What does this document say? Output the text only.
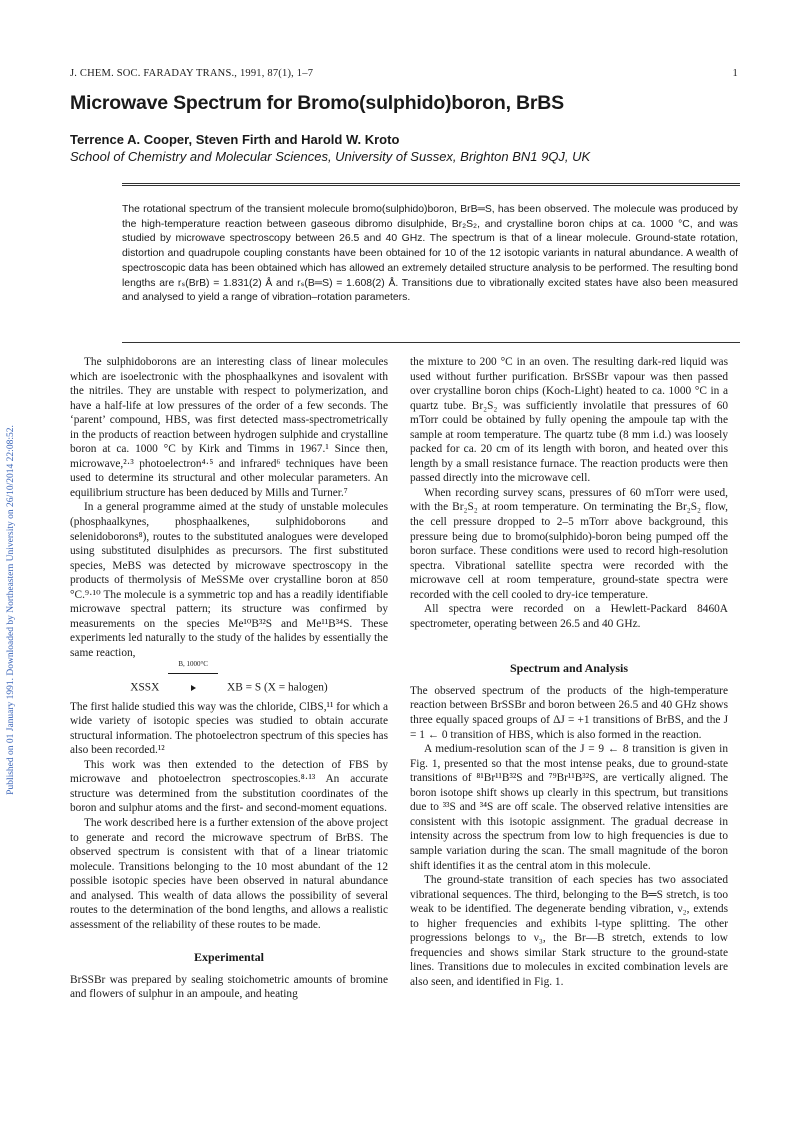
Published on 01 January 1991. Downloaded by Northeastern University on 26/10/2014 22:08:52.
J. CHEM. SOC. FARADAY TRANS., 1991, 87(1), 1–7	1
Microwave Spectrum for Bromo(sulphido)boron, BrBS
Terrence A. Cooper, Steven Firth and Harold W. Kroto
School of Chemistry and Molecular Sciences, University of Sussex, Brighton BN1 9QJ, UK
The rotational spectrum of the transient molecule bromo(sulphido)boron, BrB═S, has been observed. The molecule was produced by the high-temperature reaction between gaseous dibromo disulphide, Br₂S₂, and crystalline boron chips at ca. 1000 °C, and was studied by microwave spectroscopy between 26.5 and 40 GHz. The spectrum is that of a linear molecule. Ground-state rotation, distortion and quadrupole coupling constants have been obtained for 10 of the 12 isotopic variants in natural abundance. A wealth of spectroscopic data has been obtained which has allowed an extremely detailed structure analysis to be performed. The resulting bond lengths are rₛ(BrB) = 1.831(2) Å and rₛ(B═S) = 1.608(2) Å. Transitions due to vibrationally excited states have also been measured and analysed to yield a range of vibration–rotation parameters.

The sulphidoborons are an interesting class of linear molecules which are isoelectronic with the phosphaalkynes and isovalent with the nitriles. They are unstable with respect to polymerization, and have a half-life at low pressures of the order of a few seconds. The ‘parent’ compound, HBS, was first detected mass-spectrometrically in the products of reaction between hydrogen sulphide and crystalline boron at ca. 1000 °C by Kirk and Timms in 1967.¹ Since then, microwave,²·³ photoelectron⁴·⁵ and infrared⁶ techniques have been used to determine its structural and other molecular parameters. An equilibrium structure has been deduced by Mills and Turner.⁷

In a general programme aimed at the study of unstable molecules (phosphaalkynes, phosphaalkenes, sulphidoborons and selenidoborons⁸), routes to the substituted analogues were developed using substituted disulphides as precursors. The first substituted species, MeBS was detected by microwave spectroscopy in the products of thermolysis of MeSSMe over crystalline boron at 850 °C.⁹·¹⁰ The molecule is a symmetric top and has a readily identifiable microwave spectral pattern; its structure was confirmed by measurements on the species Me¹⁰B³²S and Me¹¹B³⁴S. These experiments led naturally to the study of the halides by essentially the same reaction,

XSSX
B, 1000°C
XB = S (X = halogen)

The first halide studied this way was the chloride, ClBS,¹¹ for which a wide variety of isotopic species was studied to obtain accurate structural information. The photoelectron spectrum of this species has also been recorded.¹²

This work was then extended to the detection of FBS by microwave and photoelectron spectroscopies.⁸·¹³ An accurate structure was determined from the substitution coordinates of the boron and sulphur atoms and the first- and second-moment equations.

The work described here is a further extension of the above project to generate and record the microwave spectrum of BrBS. The observed spectrum is consistent with that of a linear triatomic molecule. Transitions belonging to the 10 most abundant of the 12 possible isotopic species have been observed in natural abundance and analysed. This wealth of data allows the possibility of several routes to the determination of the bond lengths, and allows a realistic assessment of the reliability of these routes to be made.

Experimental

BrSSBr was prepared by sealing stoichometric amounts of bromine and flowers of sulphur in an ampoule, and heating

the mixture to 200 °C in an oven. The resulting dark-red liquid was used without further purification. BrSSBr vapour was then passed over crystalline boron chips (Koch-Light) heated to ca. 1000 °C in a quartz tube. Br₂S₂ was sufficiently involatile that pressures of 60 mTorr could be obtained by fully opening the ampoule tap with the sample at room temperature. The quartz tube (8 mm i.d.) was loosely packed for ca. 20 cm of its length with boron, and heated over this length by a small resistance furnace. The reaction products were then passed directly into the microwave cell.

When recording survey scans, pressures of 60 mTorr were used, with the Br₂S₂ at room temperature. On terminating the Br₂S₂ flow, the cell pressure dropped to 2–5 mTorr above background, this pressure being due to bromo(sulphido)-boron being pumped off the boron surface. These conditions were used to record high-resolution spectra. Vibrational satellite spectra were recorded with the microwave cell at room temperature, ground-state spectra were recorded with the cell cooled to dry-ice temperature.

All spectra were recorded on a Hewlett-Packard 8460A spectrometer, operating between 26.5 and 40 GHz.

Spectrum and Analysis

The observed spectrum of the products of the high-temperature reaction between BrSSBr and boron between 26.5 and 40 GHz shows three equally spaced groups of ΔJ = +1 transitions of BrBS, and the J = 1 ← 0 transition of HBS, which is also formed in the reaction.

A medium-resolution scan of the J = 9 ← 8 transition is given in Fig. 1, presented so that the most intense peaks, due to ground-state transitions of ⁸¹Br¹¹B³²S and ⁷⁹Br¹¹B³²S, are vertically aligned. The boron isotope shift shows up clearly in this spectrum, but transitions due to ³³S and ³⁴S are off scale. The observed relative intensities are consistent with this isotopic assignment. The gradual decrease in intensity across the spectrum from low to high frequencies is due to sample variation during the scan. The small magnitude of the boron shift identifies it as the central atom in this molecule.

The ground-state transition of each species has two associated vibrational sequences. The third, belonging to the B═S stretch, is too weak to be identified. The degenerate bending vibration, ν₂, extends to higher frequencies and exhibits l-type splitting. The other progressions belongs to ν₃, the Br—B stretch, extends to low frequencies and shows similar Stark structure to the ground-state lines. Transitions due to molecules in excited combination levels are also seen, and identified in Fig. 1.
